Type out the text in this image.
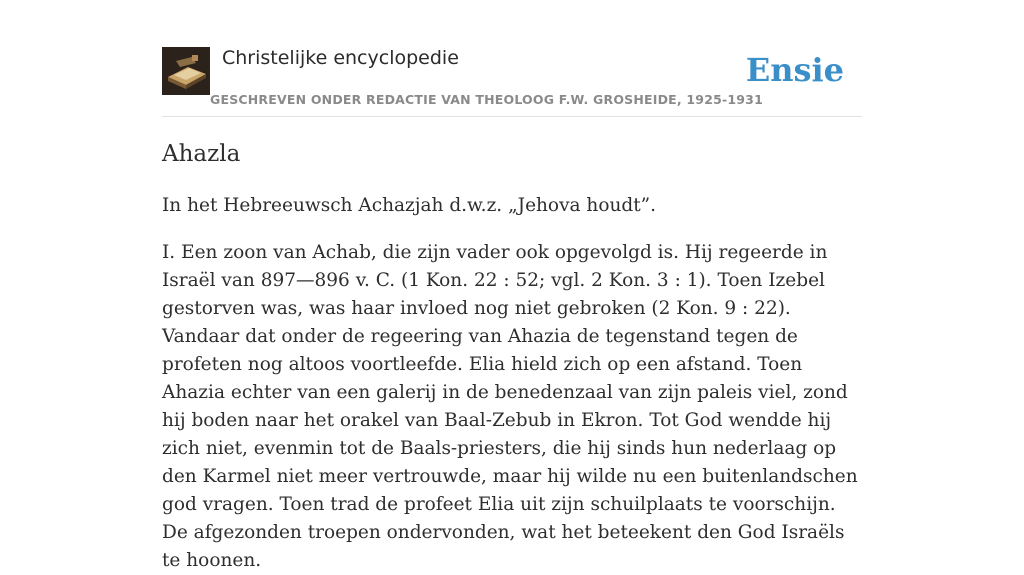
Christelijke encyclopedie
GESCHREVEN ONDER REDACTIE VAN THEOLOOG F.W. GROSHEIDE, 1925-1931
Ensie
Ahazla

In het Hebreeuwsch Achazjah d.w.z. „Jehova houdt”.

I. Een zoon van Achab, die zijn vader ook opgevolgd is. Hij regeerde in Israël van 897—896 v. C. (1 Kon. 22 : 52; vgl. 2 Kon. 3 : 1). Toen Izebel gestorven was, was haar invloed nog niet gebroken (2 Kon. 9 : 22). Vandaar dat onder de regeering van Ahazia de tegenstand tegen de profeten nog altoos voortleefde. Elia hield zich op een afstand. Toen Ahazia echter van een galerij in de benedenzaal van zijn paleis viel, zond hij boden naar het orakel van Baal-Zebub in Ekron. Tot God wendde hij zich niet, evenmin tot de Baals-priesters, die hij sinds hun nederlaag op den Karmel niet meer vertrouwde, maar hij wilde nu een buitenlandschen god vragen. Toen trad de profeet Elia uit zijn schuilplaats te voorschijn. De afgezonden troepen ondervonden, wat het beteekent den God Israëls te hoonen.
